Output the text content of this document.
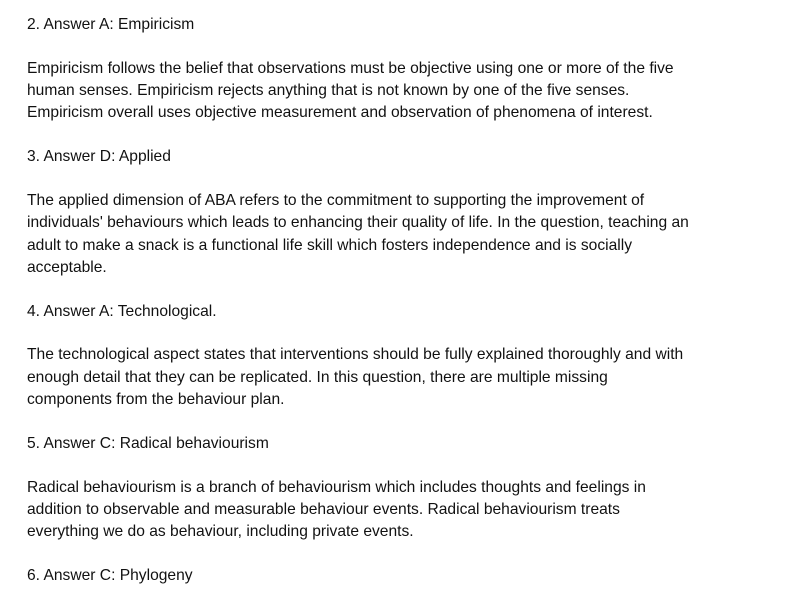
2. Answer A: Empiricism

Empiricism follows the belief that observations must be objective using one or more of the five
human senses. Empiricism rejects anything that is not known by one of the five senses.
Empiricism overall uses objective measurement and observation of phenomena of interest.

3. Answer D: Applied

The applied dimension of ABA refers to the commitment to supporting the improvement of
individuals' behaviours which leads to enhancing their quality of life. In the question, teaching an
adult to make a snack is a functional life skill which fosters independence and is socially
acceptable.

4. Answer A: Technological.

The technological aspect states that interventions should be fully explained thoroughly and with
enough detail that they can be replicated. In this question, there are multiple missing
components from the behaviour plan.

5. Answer C: Radical behaviourism

Radical behaviourism is a branch of behaviourism which includes thoughts and feelings in
addition to observable and measurable behaviour events. Radical behaviourism treats
everything we do as behaviour, including private events.

6. Answer C: Phylogeny
